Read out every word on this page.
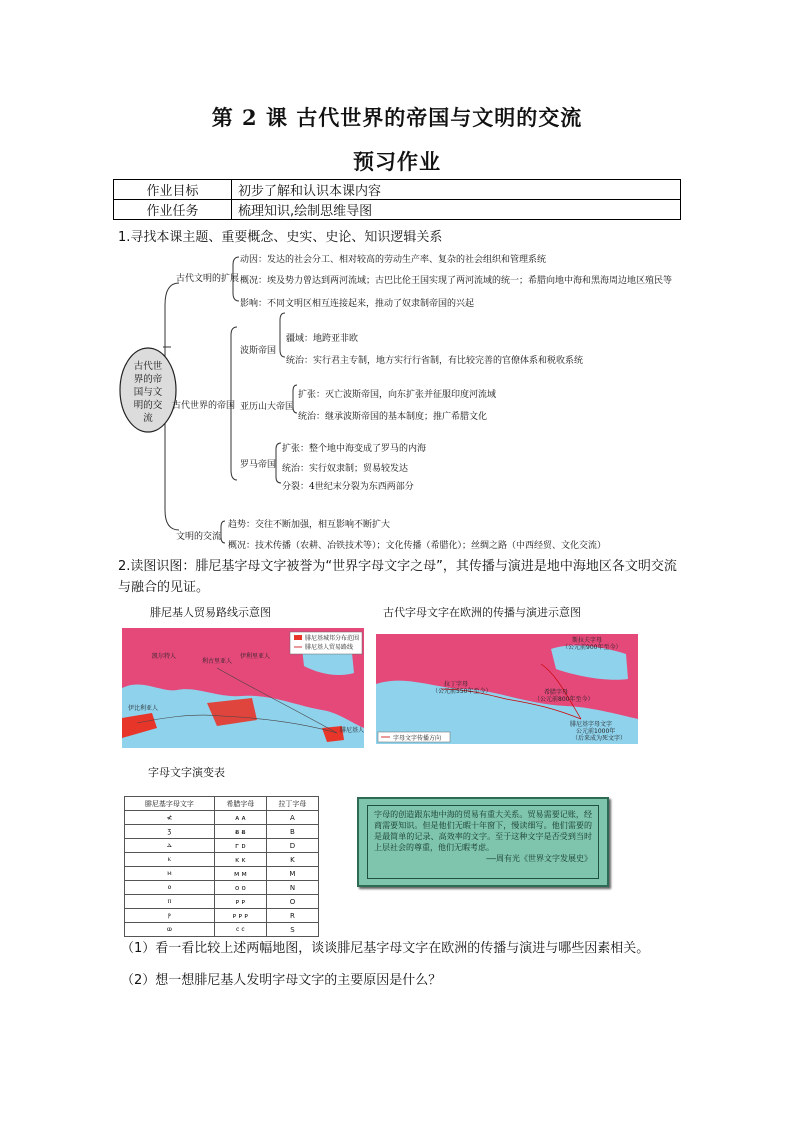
第 2 课 古代世界的帝国与文明的交流
预习作业
作业目标	初步了解和认识本课内容
作业任务	梳理知识,绘制思维导图
1.寻找本课主题、重要概念、史实、史论、知识逻辑关系
古代世
界的帝
国与文
明的交
流
古代文明的扩展
动因：发达的社会分工、相对较高的劳动生产率、复杂的社会组织和管理系统
概况：埃及势力曾达到两河流域；古巴比伦王国实现了两河流域的统一；希腊向地中海和黑海周边地区殖民等
影响：不同文明区相互连接起来，推动了奴隶制帝国的兴起
古代世界的帝国
波斯帝国
疆域：地跨亚非欧
统治：实行君主专制，地方实行行省制，有比较完善的官僚体系和税收系统
亚历山大帝国
扩张：灭亡波斯帝国，向东扩张并征服印度河流域
统治：继承波斯帝国的基本制度；推广希腊文化
罗马帝国
扩张：整个地中海变成了罗马的内海
统治：实行奴隶制；贸易较发达
分裂：4世纪末分裂为东西两部分
文明的交流
趋势：交往不断加强，相互影响不断扩大
概况：技术传播（农耕、冶铁技术等）；文化传播（希腊化）；丝绸之路（中西经贸、文化交流）
2.读图识图：腓尼基字母文字被誉为“世界字母文字之母”，其传播与演进是地中海地区各文明交流与融合的见证。
腓尼基人贸易路线示意图
腓尼基城邦分布范围
腓尼基人贸易路线
凯尔特人
利古里亚人
伊利里亚人
伊比利亚人
腓尼基人
古代字母文字在欧洲的传播与演进示意图
字母文字传播方向
拉丁字母
（公元前550年至今）	希腊字母
（公元前800年至今）
斯拉夫字母
（公元前900年至今）
腓尼基字母文字
公元前1000年
（后来成为死文字）
字母文字演变表
腓尼基字母文字	希腊字母	拉丁字母
≮	ᴀ ᴀ	A
ⳅ	ᴃ ᴃ	B
ⲇ	ᴦ ᴅ	D
ⲕ	ᴋ ᴋ	K
ⲙ	ᴍ ᴍ	M
ⲟ	ᴏ ᴏ	N
ⲡ	ᴘ ᴘ	O
ⲣ	ᴘ ᴘ ᴘ	R
ⲱ	ⲥ ⲥ	S
字母的创造跟东地中海的贸易有重大关系。贸易需要记账，经商需要知识。但是他们无暇十年窗下，慢读细写。他们需要的是最简单的记录、高效率的文字。至于这种文字是否受到当时上层社会的尊重，他们无暇考虑。
——周有光《世界文字发展史》
（1）看一看比较上述两幅地图，谈谈腓尼基字母文字在欧洲的传播与演进与哪些因素相关。
（2）想一想腓尼基人发明字母文字的主要原因是什么？
